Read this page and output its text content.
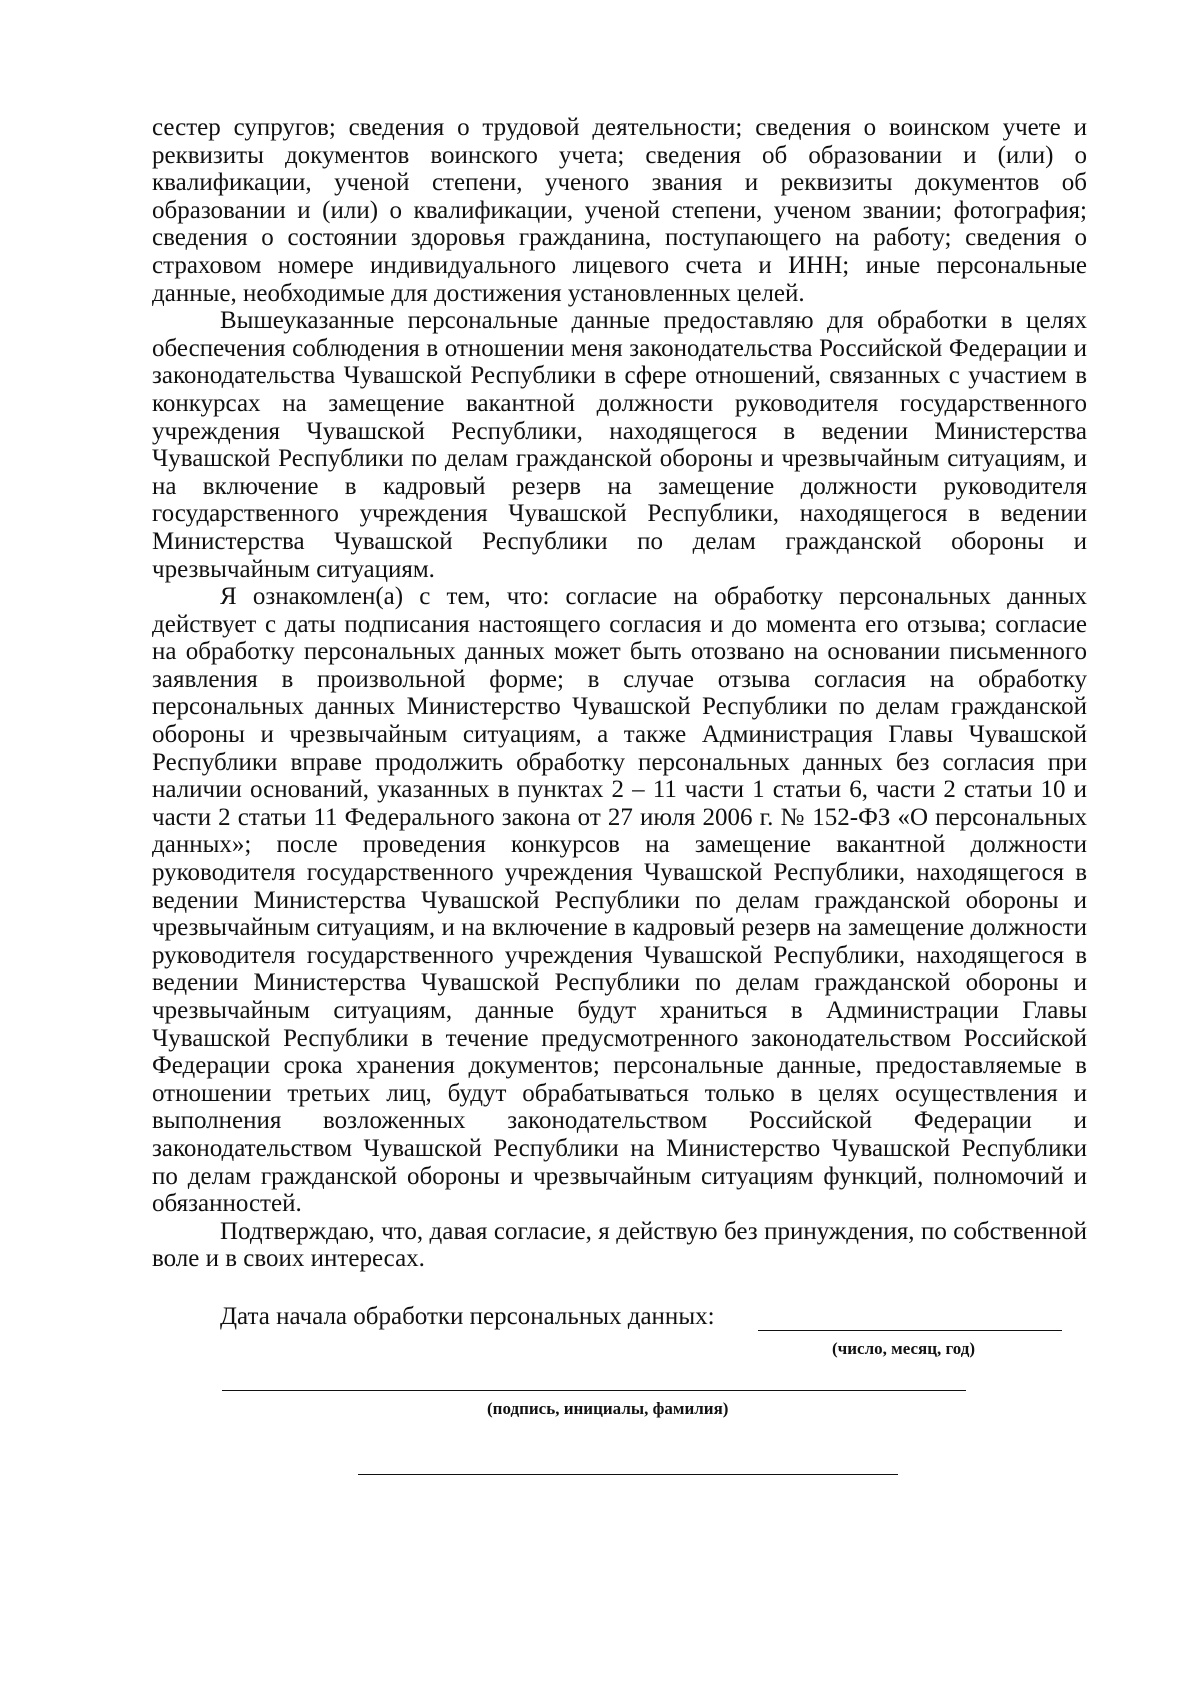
сестер супругов; сведения о трудовой деятельности; сведения о воинском учете и реквизиты документов воинского учета; сведения об образовании и (или) о квалификации, ученой степени, ученого звания и реквизиты документов об образовании и (или) о квалификации, ученой степени, ученом звании; фотография; сведения о состоянии здоровья гражданина, поступающего на работу; сведения о страховом номере индивидуального лицевого счета и ИНН; иные персональные данные, необходимые для достижения установленных целей.

Вышеуказанные персональные данные предоставляю для обработки в целях обеспечения соблюдения в отношении меня законодательства Российской Федерации и законодательства Чувашской Республики в сфере отношений, связанных с участием в конкурсах на замещение вакантной должности руководителя государственного учреждения Чувашской Республики, находящегося в ведении Министерства Чувашской Республики по делам гражданской обороны и чрезвычайным ситуациям, и на включение в кадровый резерв на замещение должности руководителя государственного учреждения Чувашской Республики, находящегося в ведении Министерства Чувашской Республики по делам гражданской обороны и чрезвычайным ситуациям.

Я ознакомлен(а) с тем, что: согласие на обработку персональных данных действует с даты подписания настоящего согласия и до момента его отзыва; согласие на обработку персональных данных может быть отозвано на основании письменного заявления в произвольной форме; в случае отзыва согласия на обработку персональных данных Министерство Чувашской Республики по делам гражданской обороны и чрезвычайным ситуациям, а также Администрация Главы Чувашской Республики вправе продолжить обработку персональных данных без согласия при наличии оснований, указанных в пунктах 2 – 11 части 1 статьи 6, части 2 статьи 10 и части 2 статьи 11 Федерального закона от 27 июля 2006 г. № 152-ФЗ «О персональных данных»; после проведения конкурсов на замещение вакантной должности руководителя государственного учреждения Чувашской Республики, находящегося в ведении Министерства Чувашской Республики по делам гражданской обороны и чрезвычайным ситуациям, и на включение в кадровый резерв на замещение должности руководителя государственного учреждения Чувашской Республики, находящегося в ведении Министерства Чувашской Республики по делам гражданской обороны и чрезвычайным ситуациям, данные будут храниться в Администрации Главы Чувашской Республики в течение предусмотренного законодательством Российской Федерации срока хранения документов; персональные данные, предоставляемые в отношении третьих лиц, будут обрабатываться только в целях осуществления и выполнения возложенных законодательством Российской Федерации и законодательством Чувашской Республики на Министерство Чувашской Республики по делам гражданской обороны и чрезвычайным ситуациям функций, полномочий и обязанностей.

Подтверждаю, что, давая согласие, я действую без принуждения, по собственной воле и в своих интересах.

Дата начала обработки персональных данных:
(число, месяц, год)
(подпись, инициалы, фамилия)
